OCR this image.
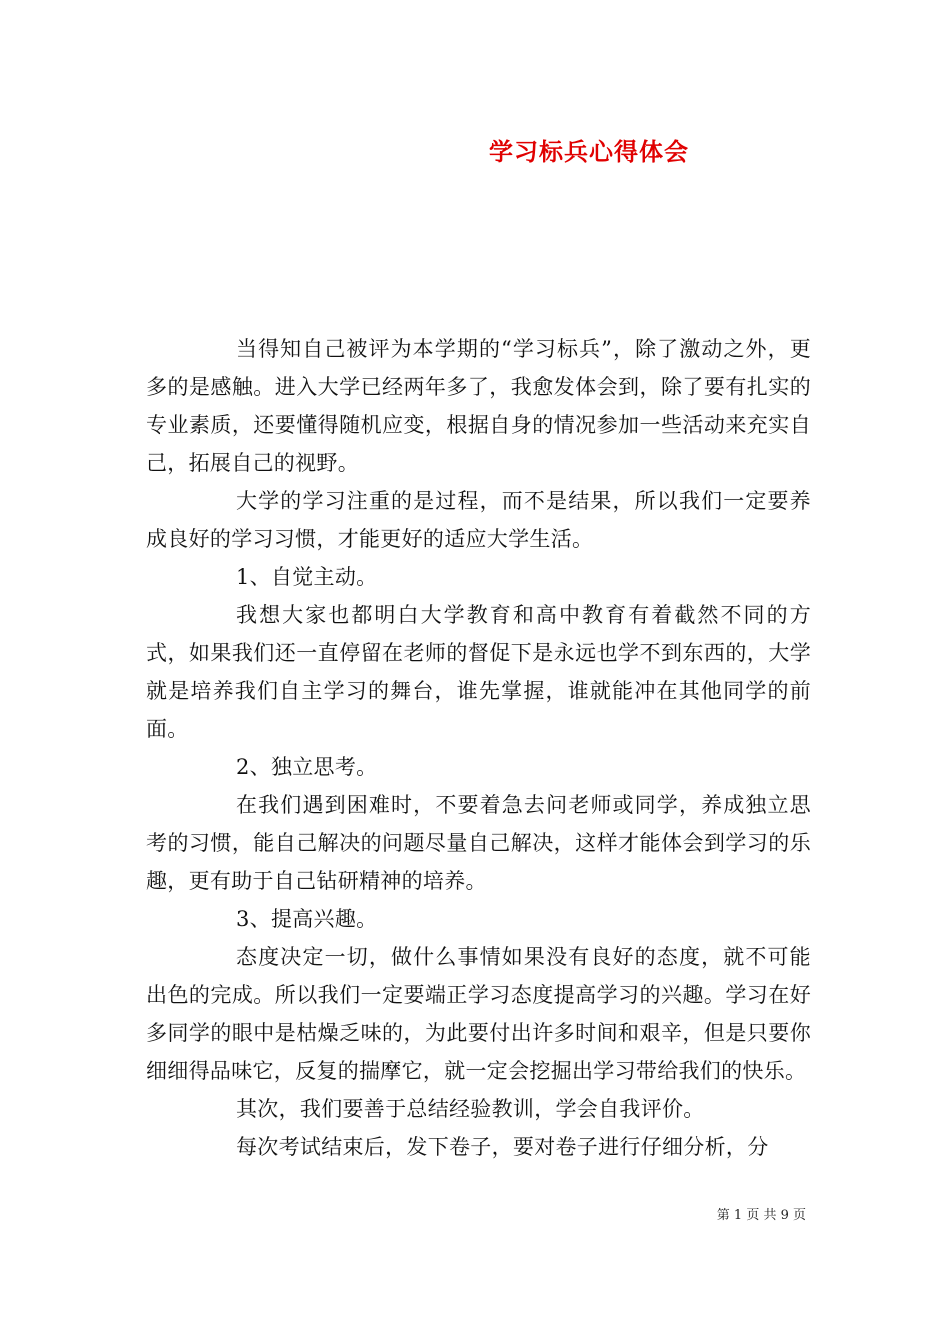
学习标兵心得体会

当得知自己被评为本学期的“学习标兵”，除了激动之外，更多的是感触。进入大学已经两年多了，我愈发体会到，除了要有扎实的专业素质，还要懂得随机应变，根据自身的情况参加一些活动来充实自己，拓展自己的视野。

大学的学习注重的是过程，而不是结果，所以我们一定要养成良好的学习习惯，才能更好的适应大学生活。

1、自觉主动。

我想大家也都明白大学教育和高中教育有着截然不同的方式，如果我们还一直停留在老师的督促下是永远也学不到东西的，大学就是培养我们自主学习的舞台，谁先掌握，谁就能冲在其他同学的前面。

2、独立思考。

在我们遇到困难时，不要着急去问老师或同学，养成独立思考的习惯，能自己解决的问题尽量自己解决，这样才能体会到学习的乐趣，更有助于自己钻研精神的培养。

3、提高兴趣。

态度决定一切，做什么事情如果没有良好的态度，就不可能出色的完成。所以我们一定要端正学习态度提高学习的兴趣。学习在好多同学的眼中是枯燥乏味的，为此要付出许多时间和艰辛，但是只要你细细得品味它，反复的揣摩它，就一定会挖掘出学习带给我们的快乐。

其次，我们要善于总结经验教训，学会自我评价。

每次考试结束后，发下卷子，要对卷子进行仔细分析，分

第 1 页 共 9 页
